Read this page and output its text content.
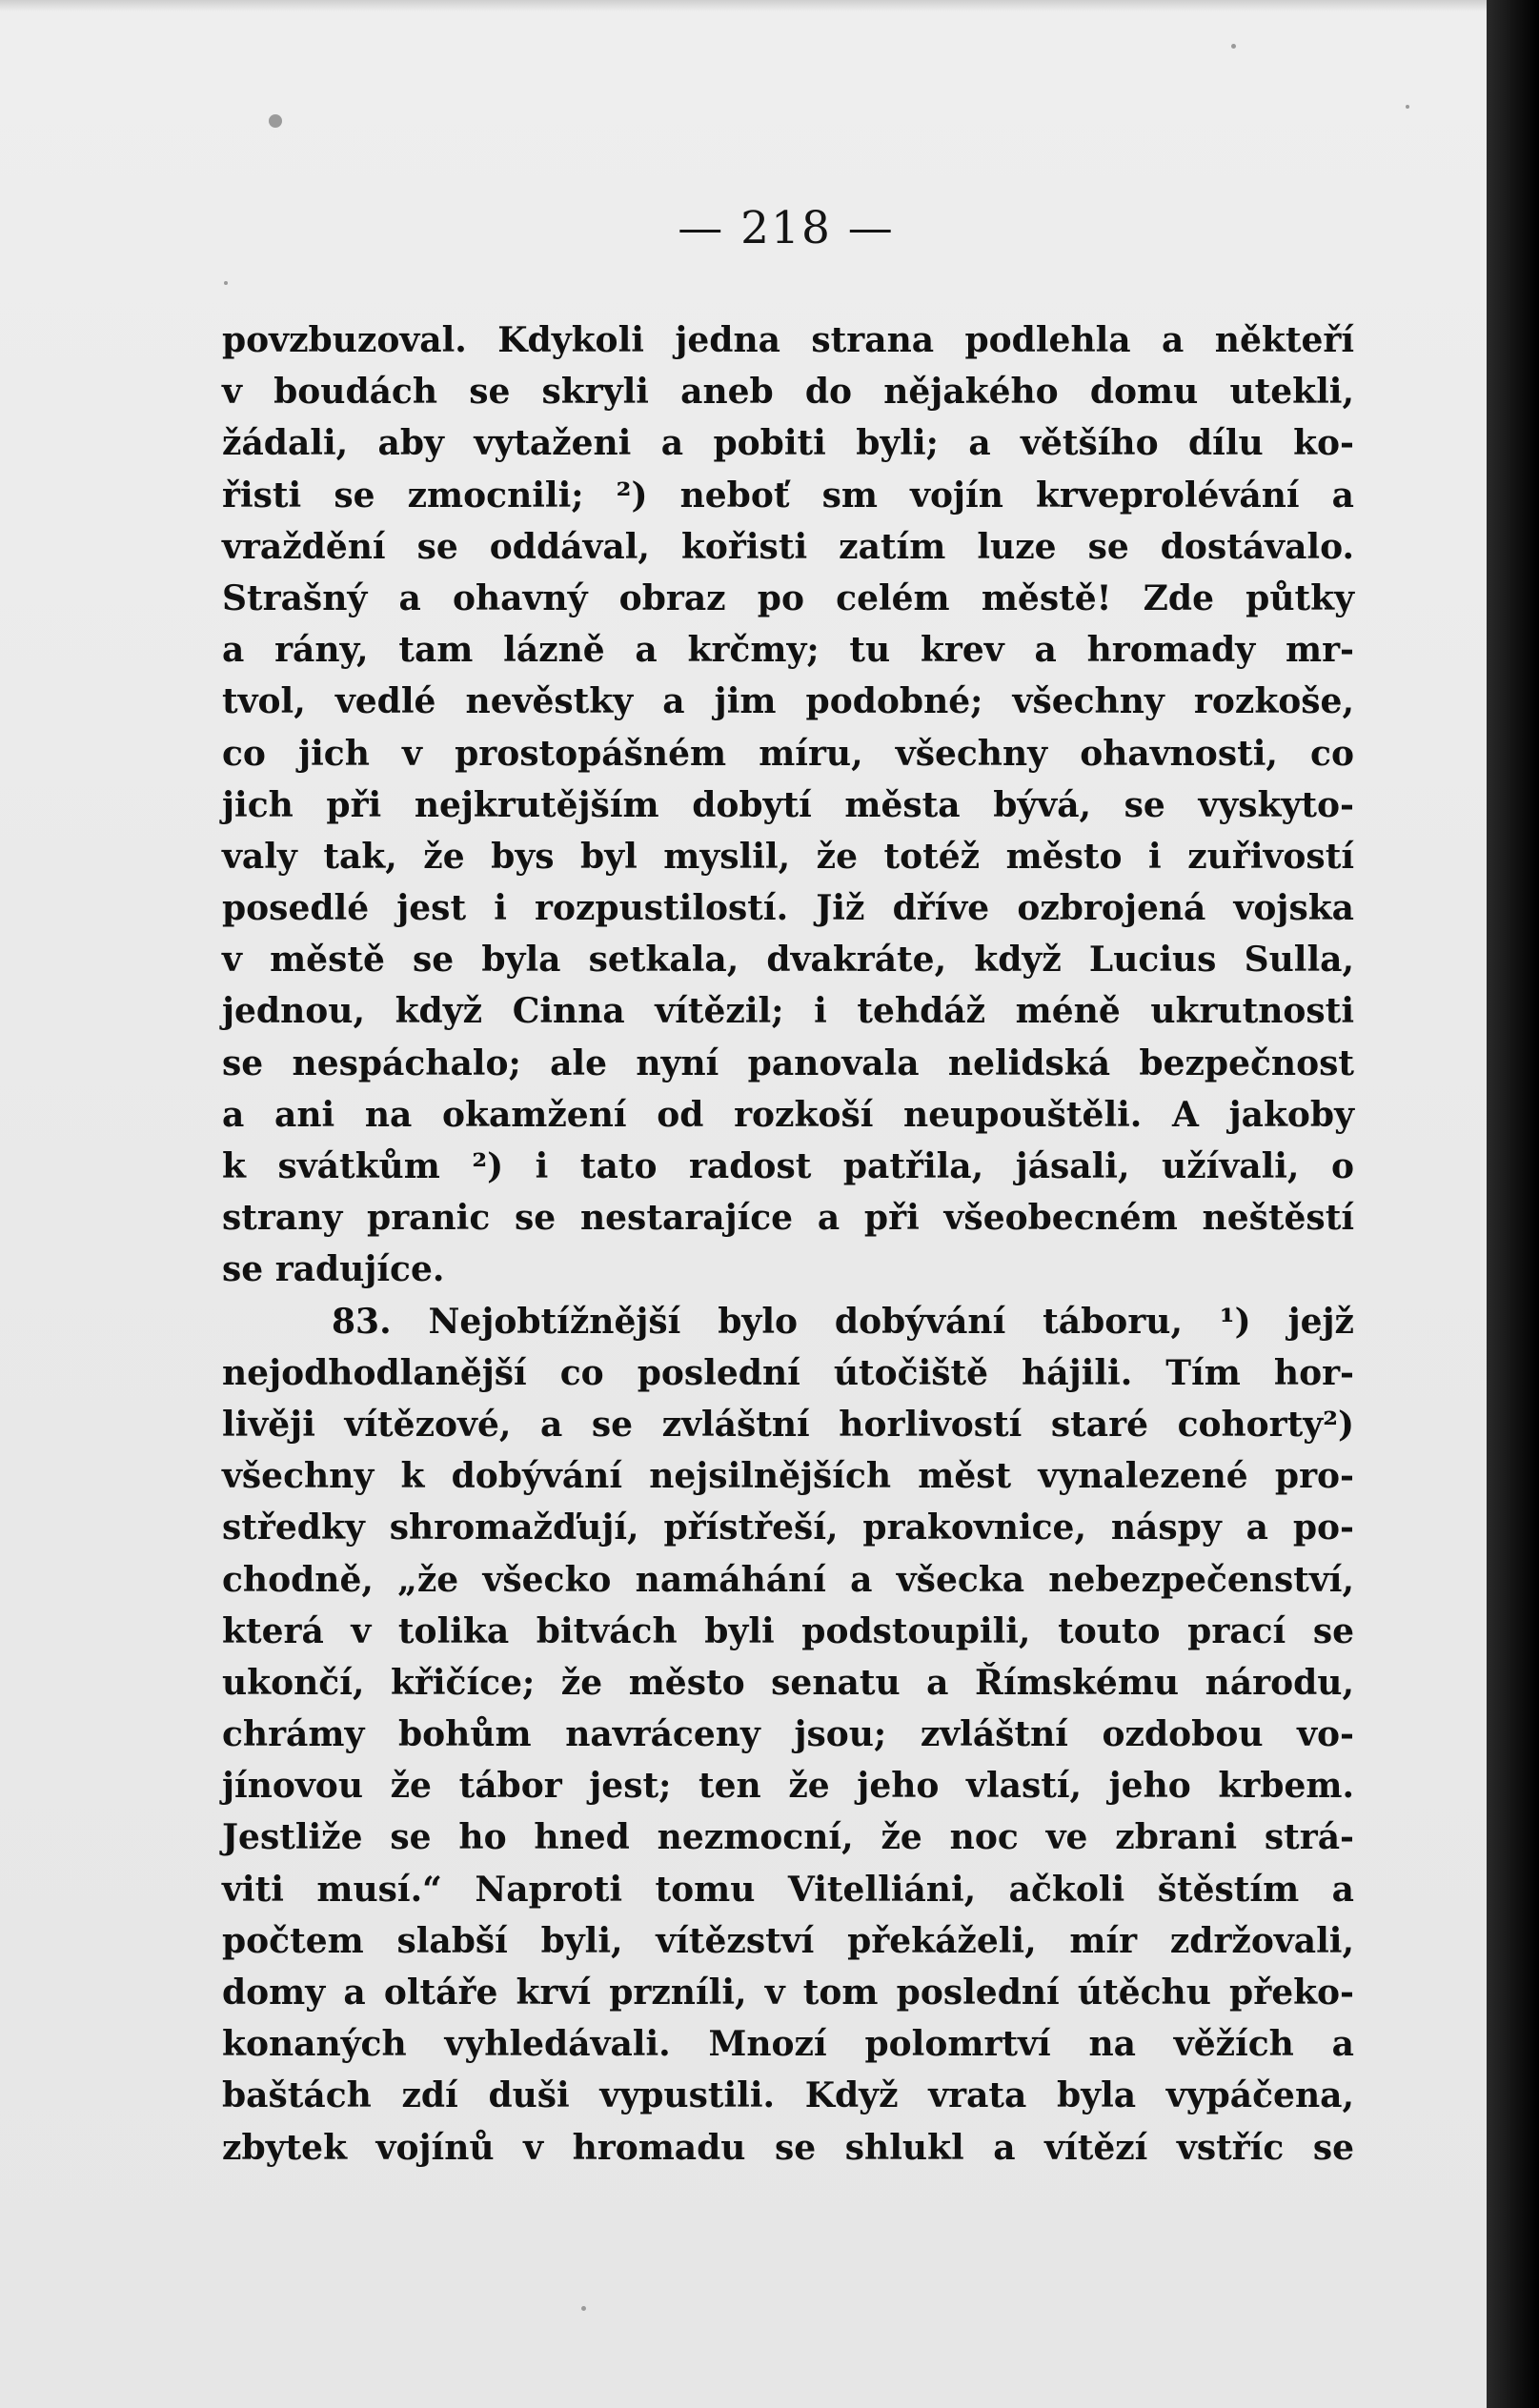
— 218 —
povzbuzoval. Kdykoli jedna strana podlehla a někteří
v boudách se skryli aneb do nějakého domu utekli,
žádali, aby vytaženi a pobiti byli; a většího dílu ko-
řisti se zmocnili; ²) neboť sm vojín krveprolévání a
vraždění se oddával, kořisti zatím luze se dostávalo.
Strašný a ohavný obraz po celém městě! Zde půtky
a rány, tam lázně a krčmy; tu krev a hromady mr-
tvol, vedlé nevěstky a jim podobné; všechny rozkoše,
co jich v prostopášném míru, všechny ohavnosti, co
jich při nejkrutějším dobytí města bývá, se vyskyto-
valy tak, že bys byl myslil, že totéž město i zuřivostí
posedlé jest i rozpustilostí. Již dříve ozbrojená vojska
v městě se byla setkala, dvakráte, když Lucius Sulla,
jednou, když Cinna vítězil; i tehdáž méně ukrutnosti
se nespáchalo; ale nyní panovala nelidská bezpečnost
a ani na okamžení od rozkoší neupouštěli. A jakoby
k svátkům ²) i tato radost patřila, jásali, užívali, o
strany pranic se nestarajíce a při všeobecném neštěstí
se radujíce.
83. Nejobtížnější bylo dobývání táboru, ¹) jejž
nejodhodlanější co poslední útočiště hájili. Tím hor-
livěji vítězové, a se zvláštní horlivostí staré cohorty²)
všechny k dobývání nejsilnějších měst vynalezené pro-
středky shromažďují, přístřeší, prakovnice, náspy a po-
chodně, „že všecko namáhání a všecka nebezpečenství,
která v tolika bitvách byli podstoupili, touto prací se
ukončí, křičíce; že město senatu a Římskému národu,
chrámy bohům navráceny jsou; zvláštní ozdobou vo-
jínovou že tábor jest; ten že jeho vlastí, jeho krbem.
Jestliže se ho hned nezmocní, že noc ve zbrani strá-
viti musí.“ Naproti tomu Vitelliáni, ačkoli štěstím a
počtem slabší byli, vítězství překáželi, mír zdržovali,
domy a oltáře krví przníli, v tom poslední útěchu překo-
konaných vyhledávali. Mnozí polomrtví na věžích a
baštách zdí duši vypustili. Když vrata byla vypáčena,
zbytek vojínů v hromadu se shlukl a vítězí vstříc se
